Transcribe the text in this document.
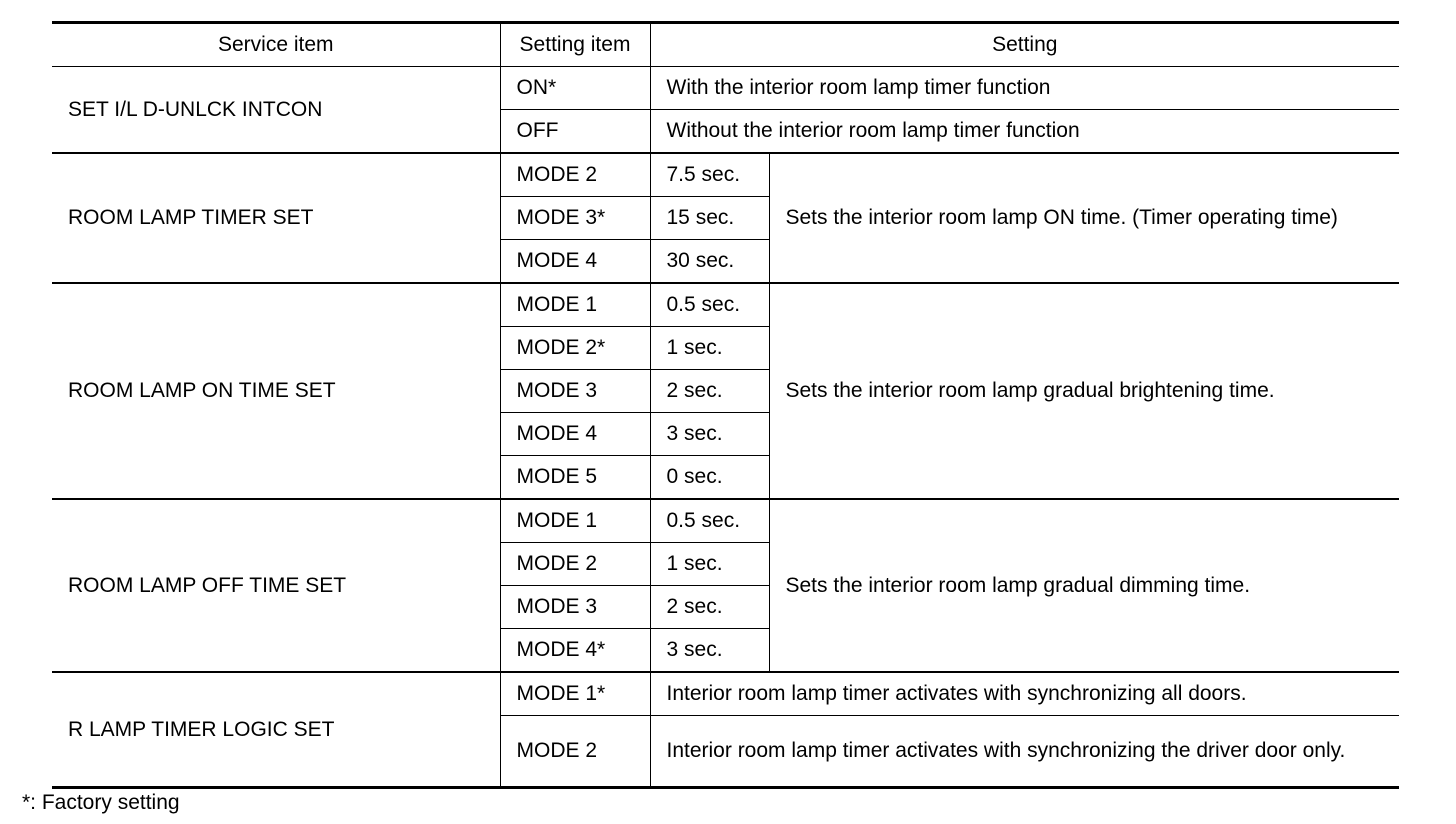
Service item	Setting item	Setting	
SET I/L D-UNLCK INTCON	ON*	With the interior room lamp timer function	
	OFF	Without the interior room lamp timer function	
ROOM LAMP TIMER SET	MODE 2	7.5 sec.	Sets the interior room lamp ON time. (Timer operating time)
	MODE 3*	15 sec.	
	MODE 4	30 sec.	
ROOM LAMP ON TIME SET	MODE 1	0.5 sec.	Sets the interior room lamp gradual brightening time.
	MODE 2*	1 sec.	
	MODE 3	2 sec.	
	MODE 4	3 sec.	
	MODE 5	0 sec.	
ROOM LAMP OFF TIME SET	MODE 1	0.5 sec.	Sets the interior room lamp gradual dimming time.
	MODE 2	1 sec.	
	MODE 3	2 sec.	
	MODE 4*	3 sec.	
R LAMP TIMER LOGIC SET	MODE 1*	Interior room lamp timer activates with synchronizing all doors.	
	MODE 2	Interior room lamp timer activates with synchronizing the driver door only.	

*: Factory setting
